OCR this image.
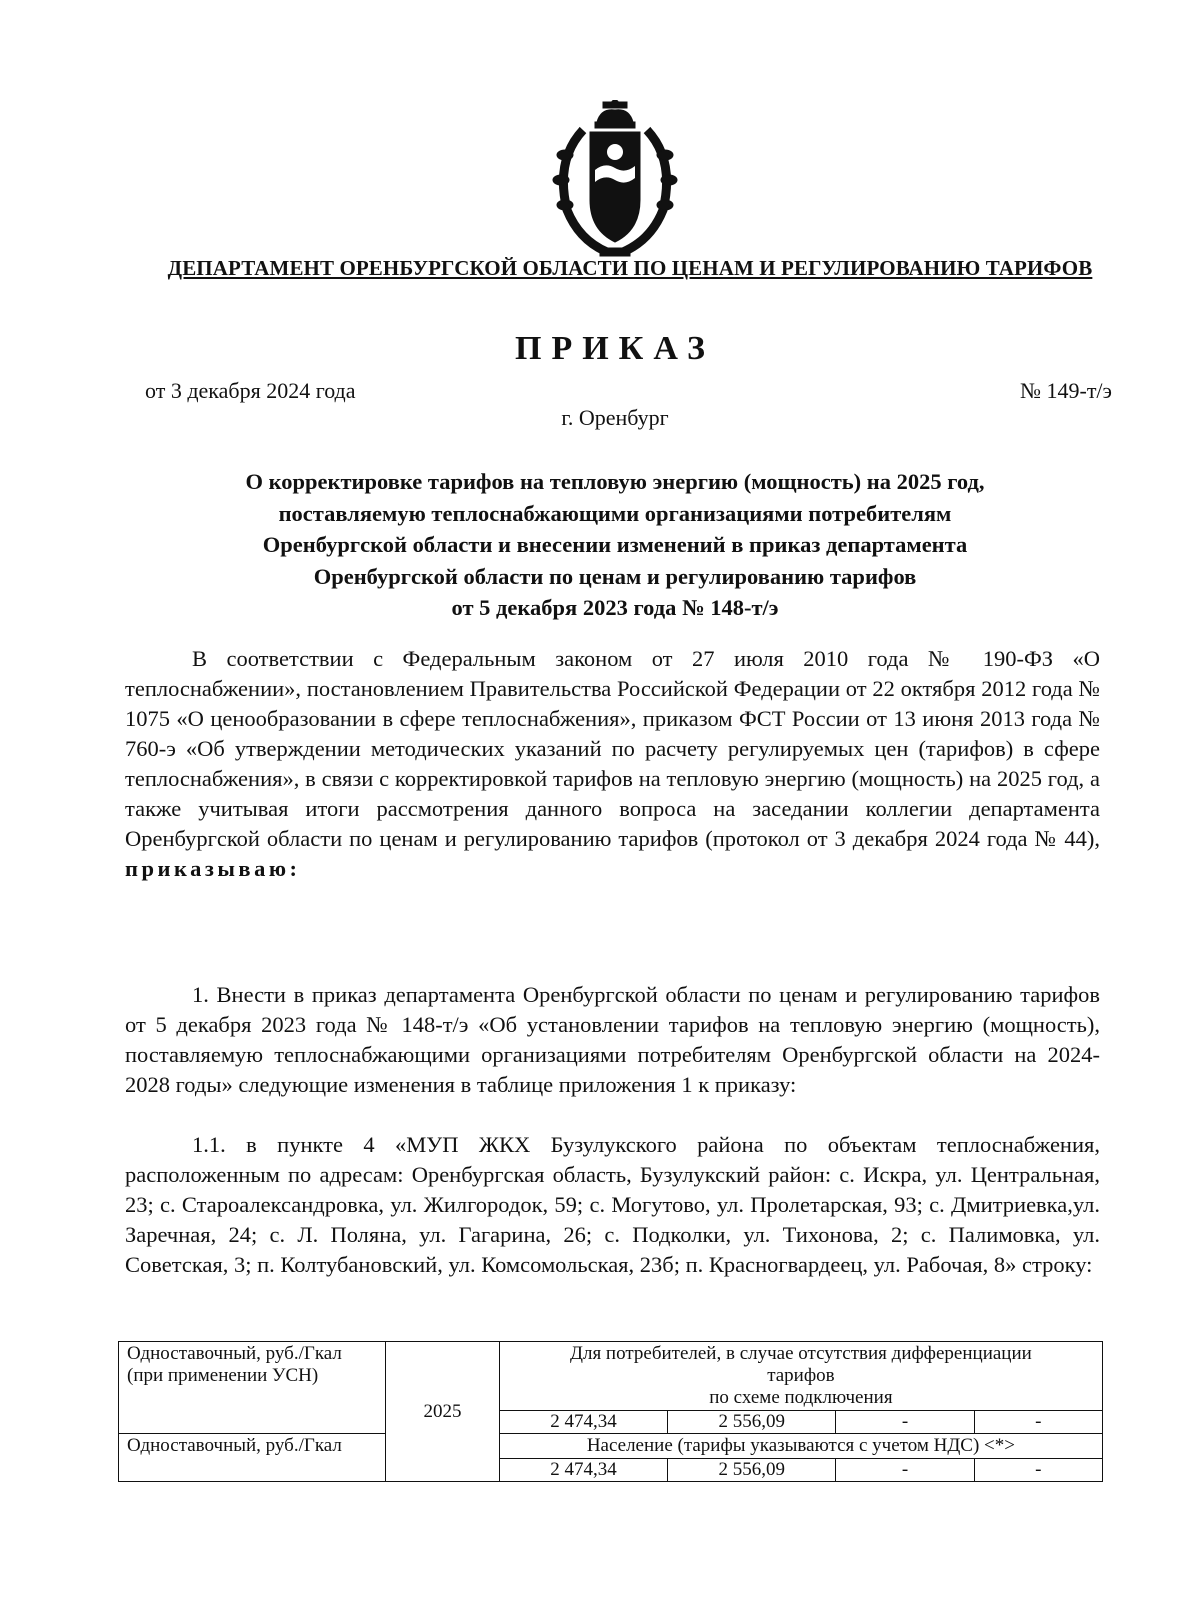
ДЕПАРТАМЕНТ ОРЕНБУРГСКОЙ ОБЛАСТИ ПО ЦЕНАМ И РЕГУЛИРОВАНИЮ ТАРИФОВ
ПРИКАЗ
от 3 декабря 2024 года	№ 149-т/э
г. Оренбург
О корректировке тарифов на тепловую энергию (мощность) на 2025 год,
поставляемую теплоснабжающими организациями потребителям
Оренбургской области и внесении изменений в приказ департамента
Оренбургской области по ценам и регулированию тарифов
от 5 декабря 2023 года № 148-т/э

В соответствии с Федеральным законом от 27 июля 2010 года № 190-ФЗ «О теплоснабжении», постановлением Правительства Российской Федерации от 22 октября 2012 года № 1075 «О ценообразовании в сфере теплоснабжения», приказом ФСТ России от 13 июня 2013 года № 760-э «Об утверждении методических указаний по расчету регулируемых цен (тарифов) в сфере теплоснабжения», в связи с корректировкой тарифов на тепловую энергию (мощность) на 2025 год, а также учитывая итоги рассмотрения данного вопроса на заседании коллегии департамента Оренбургской области по ценам и регулированию тарифов (протокол от 3 декабря 2024 года № 44), приказываю:

1. Внести в приказ департамента Оренбургской области по ценам и регулированию тарифов от 5 декабря 2023 года № 148-т/э «Об установлении тарифов на тепловую энергию (мощность), поставляемую теплоснабжающими организациями потребителям Оренбургской области на 2024-2028 годы» следующие изменения в таблице приложения 1 к приказу:

1.1. в пункте 4 «МУП ЖКХ Бузулукского района по объектам теплоснабжения, расположенным по адресам: Оренбургская область, Бузулукский район: с. Искра, ул. Центральная, 23; с. Староалександровка, ул. Жилгородок, 59; с. Могутово, ул. Пролетарская, 93; с. Дмитриевка,ул. Заречная, 24; с. Л. Поляна, ул. Гагарина, 26; с. Подколки, ул. Тихонова, 2; с. Палимовка, ул. Советская, 3; п. Колтубановский, ул. Комсомольская, 23б; п. Красногвардеец, ул. Рабочая, 8» строку:

Одноставочный, руб./Гкал (при применении УСН)	2025	Для потребителей, в случае отсутствия дифференциации
тарифов
по схеме подключения			

		2 474,34	2 556,09	-	-
Одноставочный, руб./Гкал		Население (тарифы указываются с учетом НДС) <*>			
		2 474,34	2 556,09	-	-
